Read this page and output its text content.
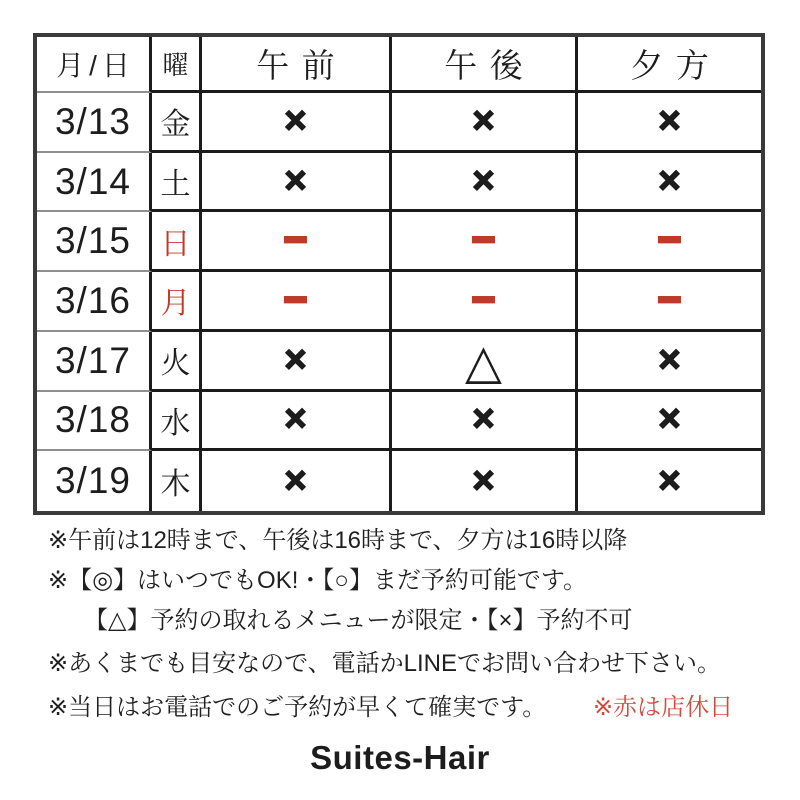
月/日	曜	午前	午後	夕方
3/13 金	×	×	×
3/14 土	×	×	×
3/15 日	−	−	−
3/16 月	−	−	−
3/17 火	×	△	×
3/18 水	×	×	×
3/19 木	×	×	×
※午前は12時まで、午後は16時まで、夕方は16時以降
※【◎】はいつでもOK!・【○】まだ予約可能です。
【△】予約の取れるメニューが限定・【×】予約不可
※あくまでも目安なので、電話かLINEでお問い合わせ下さい。
※当日はお電話でのご予約が早くて確実です。 ※赤は店休日
Suites-Hair
